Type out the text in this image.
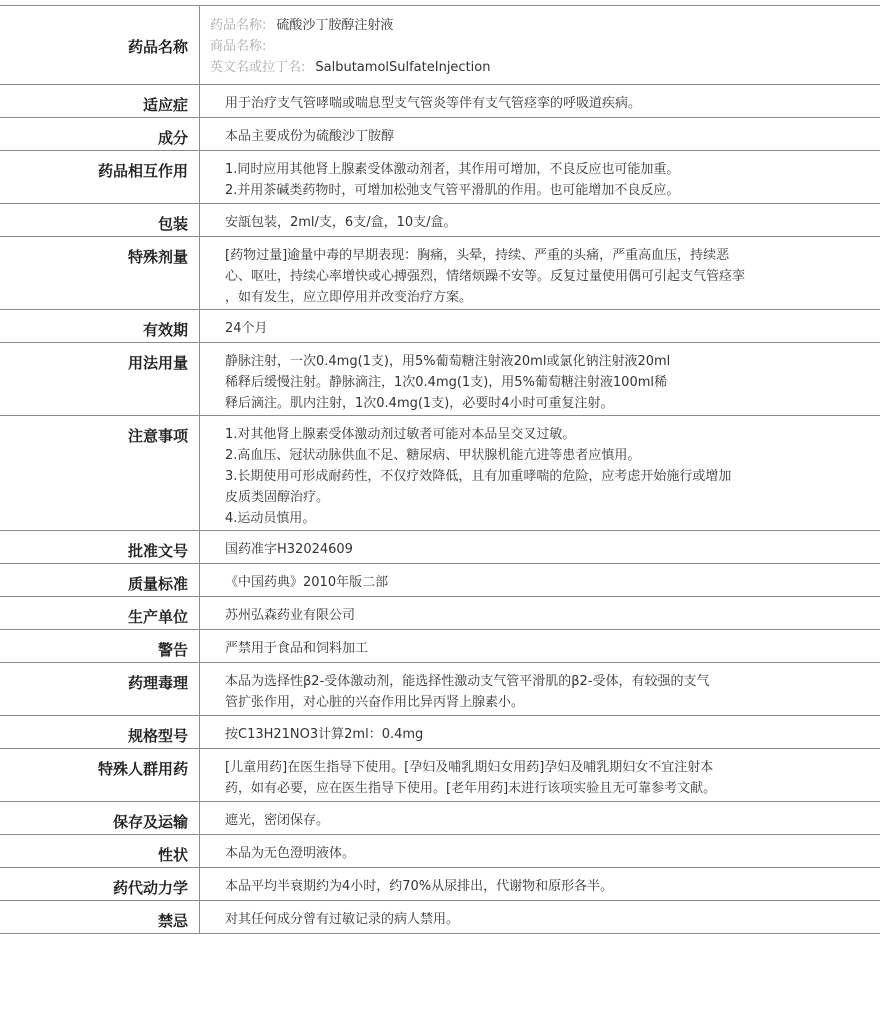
药品名称
药品名称: 硫酸沙丁胺醇注射液
商品名称:
英文名或拉丁名: SalbutamolSulfateInjection
适应症	用于治疗支气管哮喘或喘息型支气管炎等伴有支气管痉挛的呼吸道疾病。
成分	本品主要成份为硫酸沙丁胺醇
药品相互作用	1.同时应用其他肾上腺素受体激动剂者，其作用可增加，不良反应也可能加重。
2.并用茶碱类药物时，可增加松弛支气管平滑肌的作用。也可能增加不良反应。
包装	安瓿包装，2ml/支，6支/盒，10支/盒。
特殊剂量	[药物过量]逾量中毒的早期表现：胸痛，头晕，持续、严重的头痛，严重高血压，持续恶
心、呕吐，持续心率增快或心搏强烈，情绪烦躁不安等。反复过量使用偶可引起支气管痉挛
，如有发生，应立即停用并改变治疗方案。
有效期	24个月
用法用量	静脉注射，一次0.4mg(1支)，用5%葡萄糖注射液20ml或氯化钠注射液20ml
稀释后缓慢注射。静脉滴注，1次0.4mg(1支)，用5%葡萄糖注射液100ml稀
释后滴注。肌内注射，1次0.4mg(1支)，必要时4小时可重复注射。
注意事项	1.对其他肾上腺素受体激动剂过敏者可能对本品呈交叉过敏。
2.高血压、冠状动脉供血不足、糖尿病、甲状腺机能亢进等患者应慎用。
3.长期使用可形成耐药性，不仅疗效降低，且有加重哮喘的危险，应考虑开始施行或增加
皮质类固醇治疗。
4.运动员慎用。
批准文号	国药准字H32024609
质量标准	《中国药典》2010年版二部
生产单位	苏州弘森药业有限公司
警告	严禁用于食品和饲料加工
药理毒理	本品为选择性β2-受体激动剂，能选择性激动支气管平滑肌的β2-受体，有较强的支气
管扩张作用，对心脏的兴奋作用比异丙肾上腺素小。
规格型号	按C13H21NO3计算2ml：0.4mg
特殊人群用药	[儿童用药]在医生指导下使用。[孕妇及哺乳期妇女用药]孕妇及哺乳期妇女不宜注射本
药，如有必要，应在医生指导下使用。[老年用药]未进行该项实验且无可靠参考文献。
保存及运输	遮光，密闭保存。
性状	本品为无色澄明液体。
药代动力学	本品平均半衰期约为4小时，约70%从尿排出，代谢物和原形各半。
禁忌	对其任何成分曾有过敏记录的病人禁用。
